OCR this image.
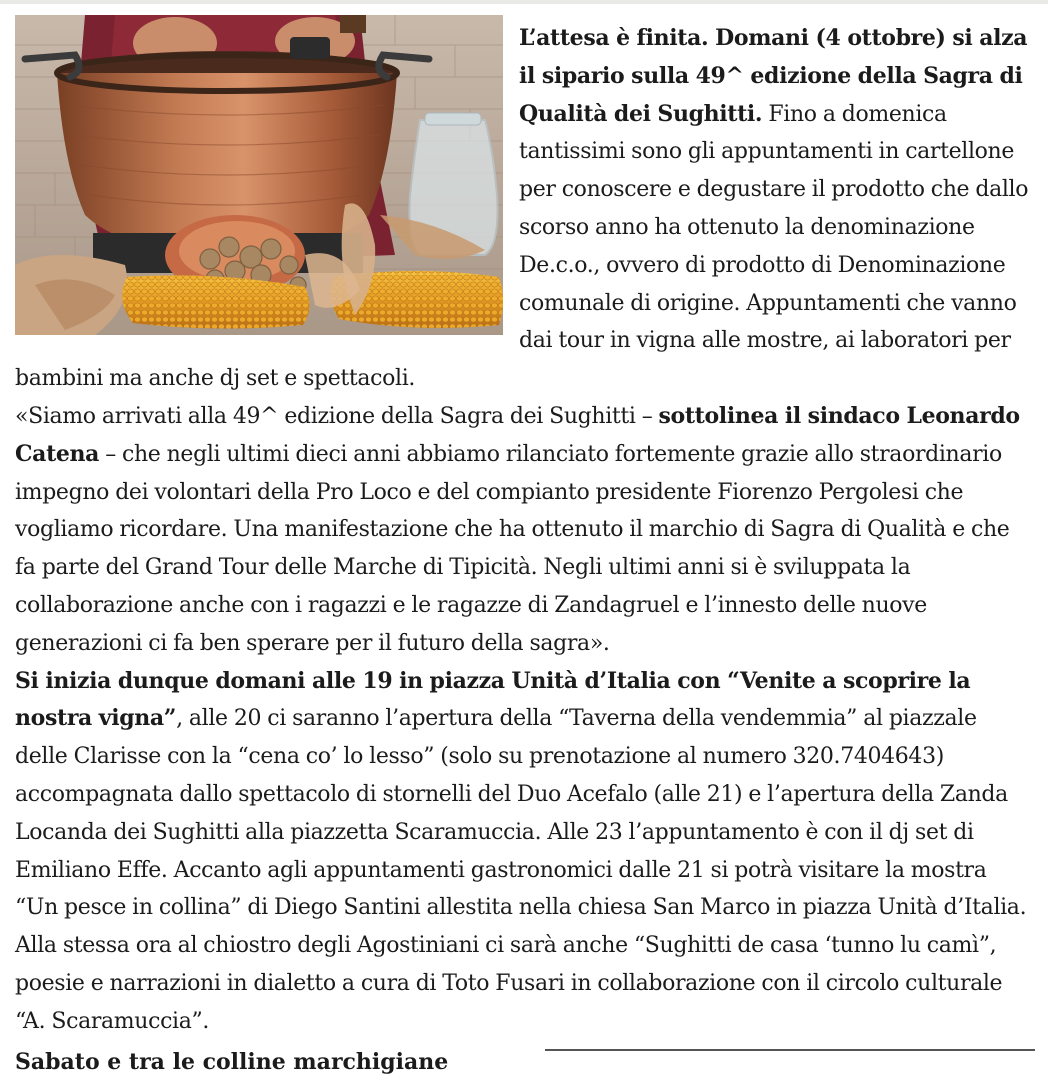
L’attesa è finita. Domani (4 ottobre) si alza il sipario sulla 49^ edizione della Sagra di Qualità dei Sughitti. Fino a domenica tantissimi sono gli appuntamenti in cartellone per conoscere e degustare il prodotto che dallo scorso anno ha ottenuto la denominazione De.c.o., ovvero di prodotto di Denominazione comunale di origine. Appuntamenti che vanno dai tour in vigna alle mostre, ai laboratori per bambini ma anche dj set e spettacoli.

«Siamo arrivati alla 49^ edizione della Sagra dei Sughitti – sottolinea il sindaco Leonardo Catena – che negli ultimi dieci anni abbiamo rilanciato fortemente grazie allo straordinario impegno dei volontari della Pro Loco e del compianto presidente Fiorenzo Pergolesi che vogliamo ricordare. Una manifestazione che ha ottenuto il marchio di Sagra di Qualità e che fa parte del Grand Tour delle Marche di Tipicità. Negli ultimi anni si è sviluppata la collaborazione anche con i ragazzi e le ragazze di Zandagruel e l’innesto delle nuove generazioni ci fa ben sperare per il futuro della sagra».

Si inizia dunque domani alle 19 in piazza Unità d’Italia con “Venite a scoprire la nostra vigna”, alle 20 ci saranno l’apertura della “Taverna della vendemmia” al piazzale delle Clarisse con la “cena co’ lo lesso” (solo su prenotazione al numero 320.7404643) accompagnata dallo spettacolo di stornelli del Duo Acefalo (alle 21) e l’apertura della Zanda Locanda dei Sughitti alla piazzetta Scaramuccia. Alle 23 l’appuntamento è con il dj set di Emiliano Effe. Accanto agli appuntamenti gastronomici dalle 21 si potrà visitare la mostra “Un pesce in collina” di Diego Santini allestita nella chiesa San Marco in piazza Unità d’Italia. Alla stessa ora al chiostro degli Agostiniani ci sarà anche “Sughitti de casa ‘tunno lu camì”, poesie e narrazioni in dialetto a cura di Toto Fusari in collaborazione con il circolo culturale “A. Scaramuccia”.

Sabato e tra le colline marchigiane
